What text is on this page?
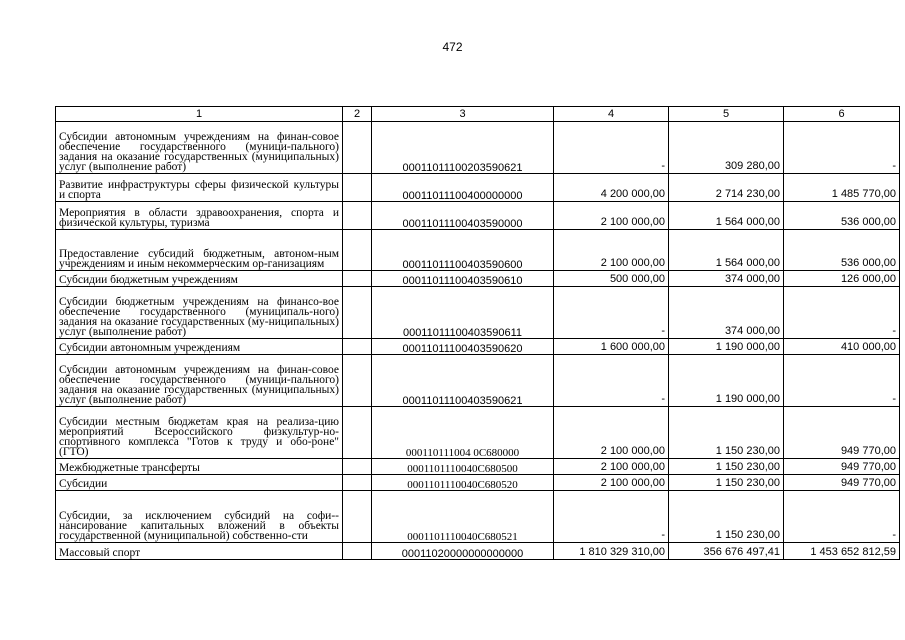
472
1	2	3	4	5	6
Субсидии автономным учреждениям на финан-совое обеспечение государственного (муници-пального) задания на оказание государственных (муниципальных) услуг (выполнение работ)		00011011100203590621	-	309 280,00	-
Развитие инфраструктуры сферы физической культуры и спорта		00011011100400000000	4 200 000,00	2 714 230,00	1 485 770,00
Мероприятия в области здравоохранения, спорта и физической культуры, туризма		00011011100403590000	2 100 000,00	1 564 000,00	536 000,00
Предоставление субсидий бюджетным, автоном-ным учреждениям и иным некоммерческим ор-ганизациям		00011011100403590600	2 100 000,00	1 564 000,00	536 000,00
Субсидии бюджетным учреждениям		00011011100403590610	500 000,00	374 000,00	126 000,00
Субсидии бюджетным учреждениям на финансо-вое обеспечение государственного (муниципаль-ного) задания на оказание государственных (му-ниципальных) услуг (выполнение работ)		00011011100403590611	-	374 000,00	-
Субсидии автономным учреждениям		00011011100403590620	1 600 000,00	1 190 000,00	410 000,00
Субсидии автономным учреждениям на финан-совое обеспечение государственного (муници-пального) задания на оказание государственных (муниципальных) услуг (выполнение работ)		00011011100403590621	-	1 190 000,00	-
Субсидии местным бюджетам края на реализа-цию мероприятий Всероссийского физкультур-но-спортивного комплекса "Готов к труду и обо-роне" (ГТО)		000110111004 0С680000	2 100 000,00	1 150 230,00	949 770,00
Межбюджетные трансферты		0001101110040С680500	2 100 000,00	1 150 230,00	949 770,00
Субсидии		0001101110040С680520	2 100 000,00	1 150 230,00	949 770,00
Субсидии, за исключением субсидий на софи-нансирование капитальных вложений в объекты государственной (муниципальной) собственно-сти		0001101110040С680521	-	1 150 230,00	-
Массовый спорт		00011020000000000000	1 810 329 310,00	356 676 497,41	1 453 652 812,59
